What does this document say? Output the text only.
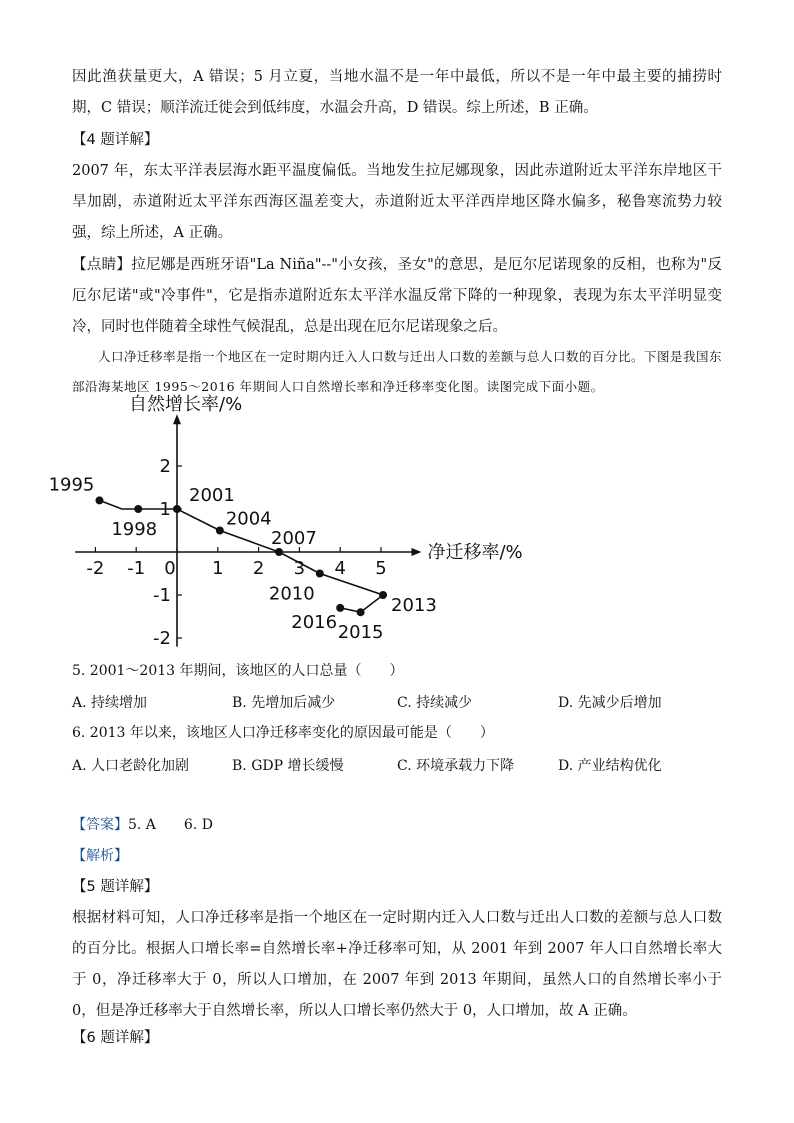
因此渔获量更大，A 错误；5 月立夏，当地水温不是一年中最低，所以不是一年中最主要的捕捞时期，C 错误；顺洋流迁徙会到低纬度，水温会升高，D 错误。综上所述，B 正确。

【4 题详解】

2007 年，东太平洋表层海水距平温度偏低。当地发生拉尼娜现象，因此赤道附近太平洋东岸地区干旱加剧，赤道附近太平洋东西海区温差变大，赤道附近太平洋西岸地区降水偏多，秘鲁寒流势力较强，综上所述，A 正确。

【点睛】拉尼娜是西班牙语"La Niña"--"小女孩，圣女"的意思，是厄尔尼诺现象的反相，也称为"反厄尔尼诺"或"冷事件"，它是指赤道附近东太平洋水温反常下降的一种现象，表现为东太平洋明显变冷，同时也伴随着全球性气候混乱，总是出现在厄尔尼诺现象之后。

人口净迁移率是指一个地区在一定时期内迁入人口数与迁出人口数的差额与总人口数的百分比。下图是我国东部沿海某地区 1995～2016 年期间人口自然增长率和净迁移率变化图。读图完成下面小题。

净迁移率/%
自然增长率/%
-2 -1 0 1 2 3 4 5
2
1
-1
-2
1995
1998
2001
2004
2007
2010
2013
2015
2016

5. 2001～2013 年期间，该地区的人口总量（　　）

A. 持续增加	B. 先增加后减少	C. 持续减少	D. 先减少后增加

6. 2013 年以来，该地区人口净迁移率变化的原因最可能是（　　）

A. 人口老龄化加剧	B. GDP 增长缓慢	C. 环境承载力下降	D. 产业结构优化

【答案】5. A　　6. D

【解析】

【5 题详解】

根据材料可知，人口净迁移率是指一个地区在一定时期内迁入人口数与迁出人口数的差额与总人口数的百分比。根据人口增长率=自然增长率+净迁移率可知，从 2001 年到 2007 年人口自然增长率大于 0，净迁移率大于 0，所以人口增加，在 2007 年到 2013 年期间，虽然人口的自然增长率小于 0，但是净迁移率大于自然增长率，所以人口增长率仍然大于 0，人口增加，故 A 正确。

【6 题详解】
